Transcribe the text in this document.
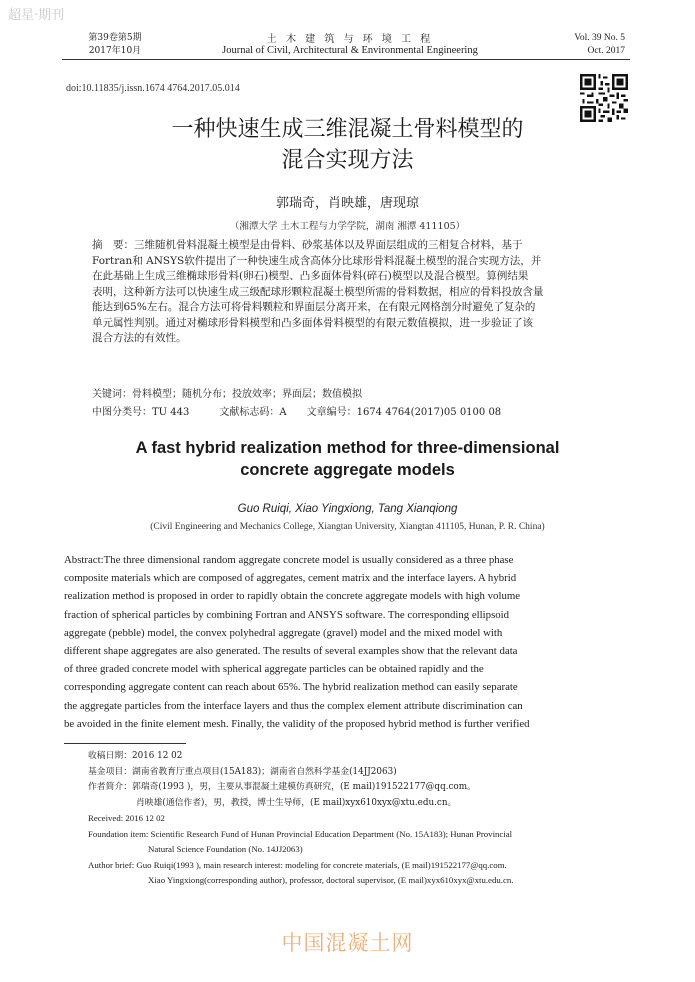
超星·期刊
第39卷第5期
2017年10月
土 木 建 筑 与 环 境 工 程
Journal of Civil, Architectural & Environmental Engineering
Vol. 39 No. 5
Oct. 2017
doi:10.11835/j.issn.1674 4764.2017.05.014
一种快速生成三维混凝土骨料模型的
混合实现方法
郭瑞奇，肖映雄，唐现琼
（湘潭大学 土木工程与力学学院，湖南 湘潭 411105）
摘　要：三维随机骨料混凝土模型是由骨料、砂浆基体以及界面层组成的三相复合材料，基于
Fortran和 ANSYS软件提出了一种快速生成含高体分比球形骨料混凝土模型的混合实现方法，并
在此基础上生成三维椭球形骨料(卵石)模型、凸多面体骨料(碎石)模型以及混合模型。算例结果
表明，这种新方法可以快速生成三级配球形颗粒混凝土模型所需的骨料数据，相应的骨料投放含量
能达到65%左右。混合方法可将骨料颗粒和界面层分离开来，在有限元网格剖分时避免了复杂的
单元属性判别。通过对椭球形骨料模型和凸多面体骨料模型的有限元数值模拟，进一步验证了该
混合方法的有效性。
关键词：骨料模型；随机分布；投放效率；界面层；数值模拟
中图分类号：TU 443　　　文献标志码：A　　文章编号：1674 4764(2017)05 0100 08
A fast hybrid realization method for three-dimensional
concrete aggregate models
Guo Ruiqi, Xiao Yingxiong, Tang Xianqiong
(Civil Engineering and Mechanics College, Xiangtan University, Xiangtan 411105, Hunan, P. R. China)
Abstract:The three dimensional random aggregate concrete model is usually considered as a three phase
composite materials which are composed of aggregates, cement matrix and the interface layers. A hybrid
realization method is proposed in order to rapidly obtain the concrete aggregate models with high volume
fraction of spherical particles by combining Fortran and ANSYS software. The corresponding ellipsoid
aggregate (pebble) model, the convex polyhedral aggregate (gravel) model and the mixed model with
different shape aggregates are also generated. The results of several examples show that the relevant data
of three graded concrete model with spherical aggregate particles can be obtained rapidly and the
corresponding aggregate content can reach about 65%. The hybrid realization method can easily separate
the aggregate particles from the interface layers and thus the complex element attribute discrimination can
be avoided in the finite element mesh. Finally, the validity of the proposed hybrid method is further verified
收稿日期：2016 12 02
基金项目：湖南省教育厅重点项目(15A183)；湖南省自然科学基金(14JJ2063)
作者简介：郭瑞奇(1993 )，男，主要从事混凝土建模仿真研究，(E mail)191522177@qq.com。
肖映雄(通信作者)，男，教授，博士生导师，(E mail)xyx610xyx@xtu.edu.cn。
Received: 2016 12 02
Foundation item: Scientific Research Fund of Hunan Provincial Education Department (No. 15A183); Hunan Provincial
Natural Science Foundation (No. 14JJ2063)
Author brief: Guo Ruiqi(1993 ), main research interest: modeling for concrete materials, (E mail)191522177@qq.com.
Xiao Yingxiong(corresponding author), professor, doctoral supervisor, (E mail)xyx610xyx@xtu.edu.cn.
中国混凝土网
